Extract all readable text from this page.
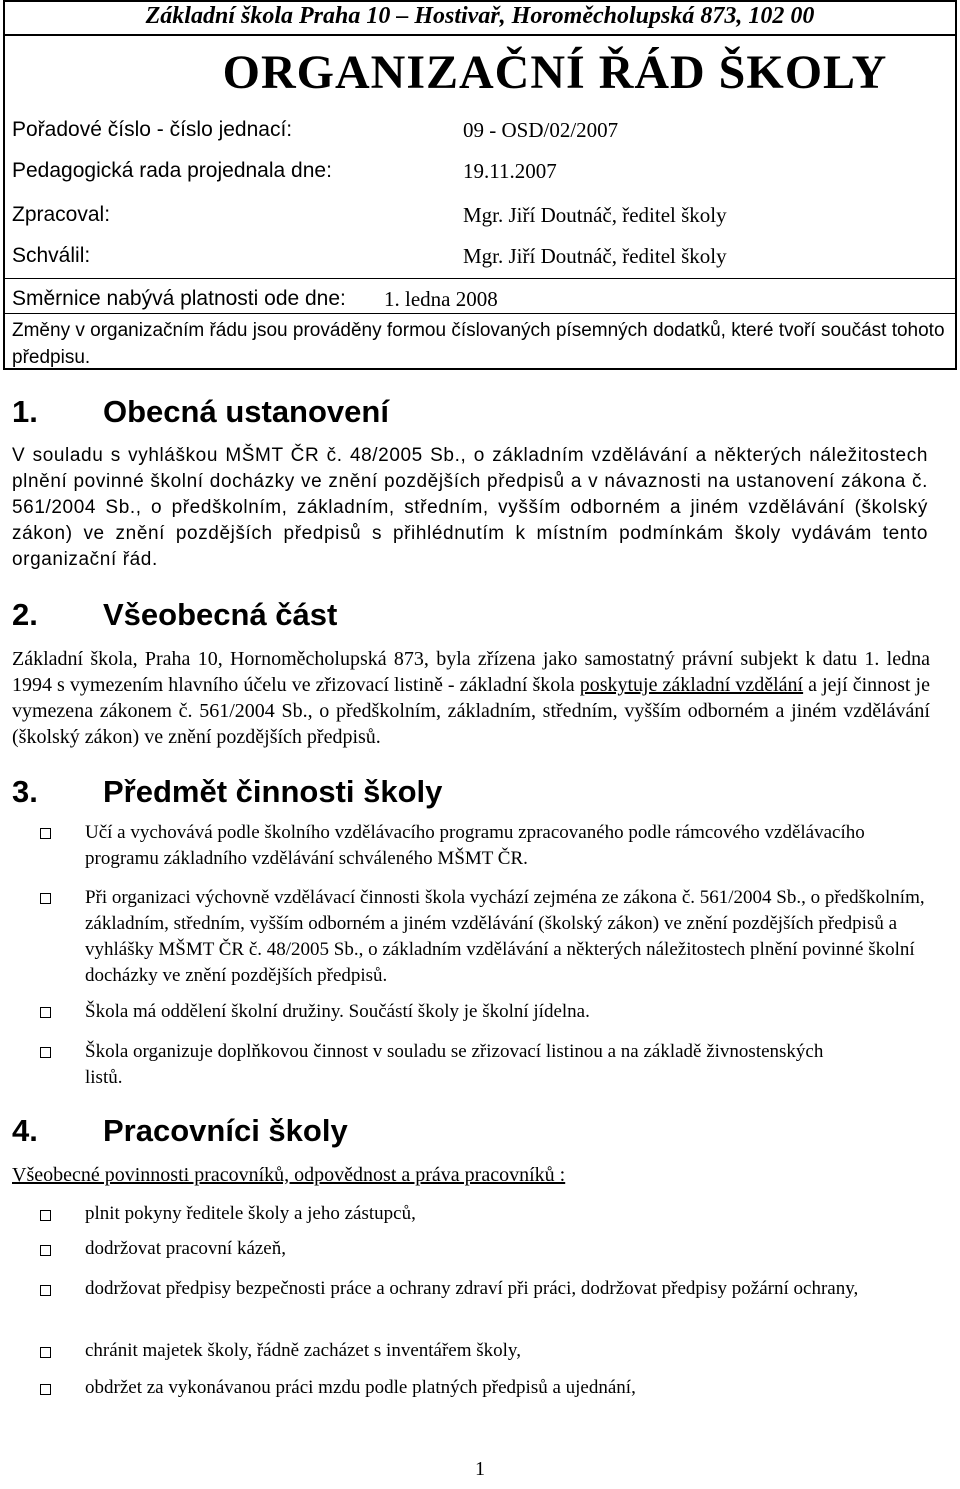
Základní škola Praha 10 – Hostivař, Horoměcholupská 873, 102 00
ORGANIZAČNÍ ŘÁD ŠKOLY
Pořadové číslo - číslo jednací:	09 - OSD/02/2007
Pedagogická rada projednala dne:	19.11.2007
Zpracoval:	Mgr. Jiří Doutnáč, ředitel školy
Schválil:	Mgr. Jiří Doutnáč, ředitel školy
Směrnice nabývá platnosti ode dne: 1. ledna 2008
Změny v organizačním řádu jsou prováděny formou číslovaných písemných dodatků, které tvoří součást tohoto předpisu.
1. Obecná ustanovení
V souladu s vyhláškou MŠMT ČR č. 48/2005 Sb., o základním vzdělávání a některých náležitostech plnění povinné školní docházky ve znění pozdějších předpisů a v návaznosti na ustanovení zákona č. 561/2004 Sb., o předškolním, základním, středním, vyšším odborném a jiném vzdělávání (školský zákon) ve znění pozdějších předpisů s přihlédnutím k místním podmínkám školy vydávám tento organizační řád.
2. Všeobecná část
Základní škola, Praha 10, Hornoměcholupská 873, byla zřízena jako samostatný právní subjekt k datu 1. ledna 1994 s vymezením hlavního účelu ve zřizovací listině - základní škola poskytuje základní vzdělání a její činnost je vymezena zákonem č. 561/2004 Sb., o předškolním, základním, středním, vyšším odborném a jiném vzdělávání (školský zákon) ve znění pozdějších předpisů.
3. Předmět činnosti školy
Učí a vychovává podle školního vzdělávacího programu zpracovaného podle rámcového vzdělávacího programu základního vzdělávání schváleného MŠMT ČR.
Při organizaci výchovně vzdělávací činnosti škola vychází zejména ze zákona č. 561/2004 Sb., o předškolním, základním, středním, vyšším odborném a jiném vzdělávání (školský zákon) ve znění pozdějších předpisů a vyhlášky MŠMT ČR č. 48/2005 Sb., o základním vzdělávání a některých náležitostech plnění povinné školní docházky ve znění pozdějších předpisů.
Škola má oddělení školní družiny. Součástí školy je školní jídelna.
Škola organizuje doplňkovou činnost v souladu se zřizovací listinou a na základě živnostenských listů.
4. Pracovníci školy
Všeobecné povinnosti pracovníků, odpovědnost a práva pracovníků :
plnit pokyny ředitele školy a jeho zástupců,
dodržovat pracovní kázeň,
dodržovat předpisy bezpečnosti práce a ochrany zdraví při práci, dodržovat předpisy požární ochrany,
chránit majetek školy, řádně zacházet s inventářem školy,
obdržet za vykonávanou práci mzdu podle platných předpisů a ujednání,
1
